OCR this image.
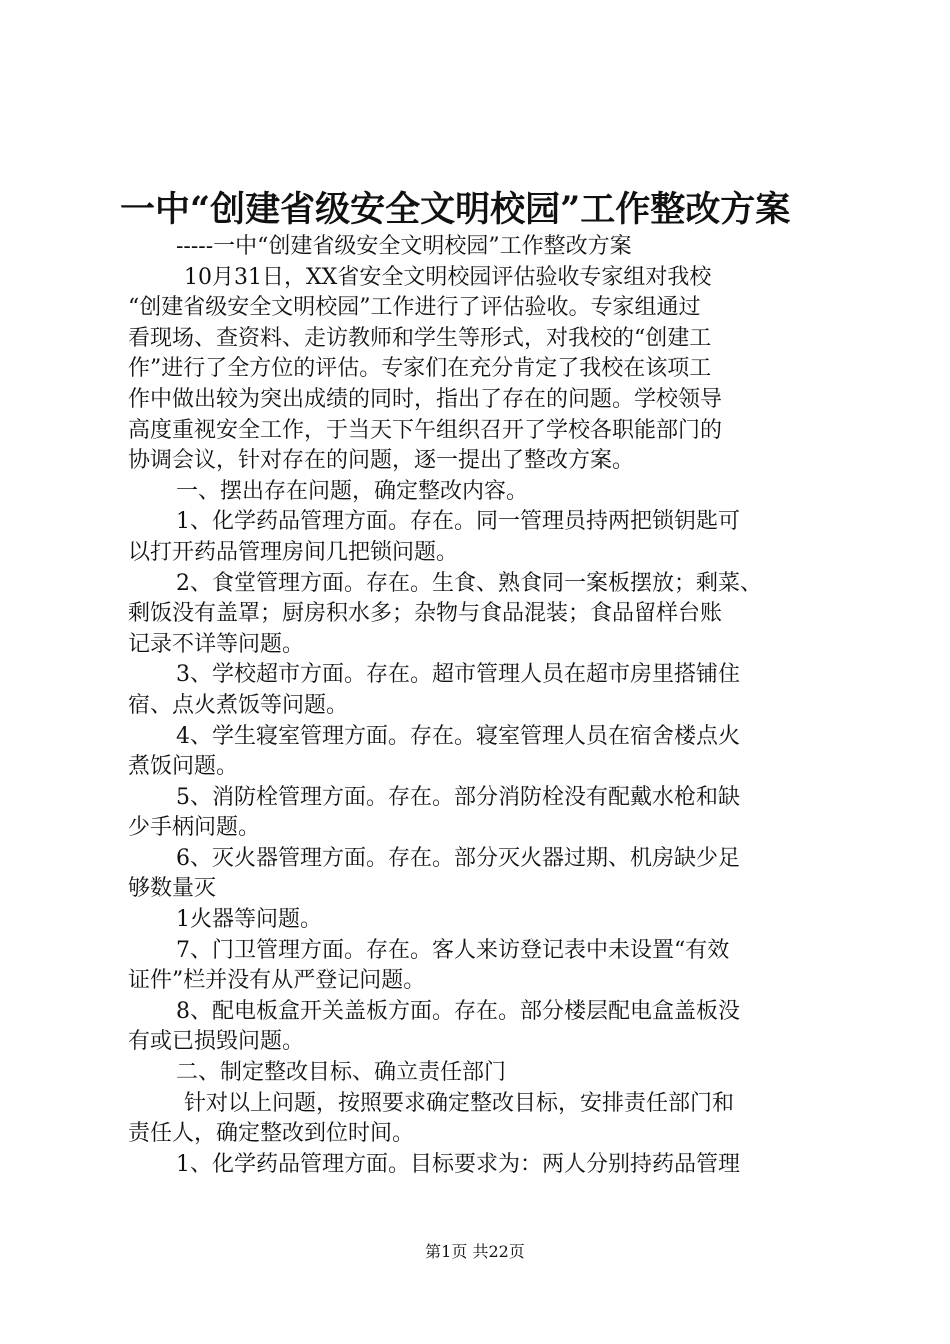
一中“创建省级安全文明校园”工作整改方案
-----一中“创建省级安全文明校园”工作整改方案
10月31日，XX省安全文明校园评估验收专家组对我校
“创建省级安全文明校园”工作进行了评估验收。专家组通过
看现场、查资料、走访教师和学生等形式，对我校的“创建工
作”进行了全方位的评估。专家们在充分肯定了我校在该项工
作中做出较为突出成绩的同时，指出了存在的问题。学校领导
高度重视安全工作，于当天下午组织召开了学校各职能部门的
协调会议，针对存在的问题，逐一提出了整改方案。
一、摆出存在问题，确定整改内容。
1、化学药品管理方面。存在。同一管理员持两把锁钥匙可
以打开药品管理房间几把锁问题。
2、食堂管理方面。存在。生食、熟食同一案板摆放；剩菜、
剩饭没有盖罩；厨房积水多；杂物与食品混装；食品留样台账
记录不详等问题。
3、学校超市方面。存在。超市管理人员在超市房里搭铺住
宿、点火煮饭等问题。
4、学生寝室管理方面。存在。寝室管理人员在宿舍楼点火
煮饭问题。
5、消防栓管理方面。存在。部分消防栓没有配戴水枪和缺
少手柄问题。
6、灭火器管理方面。存在。部分灭火器过期、机房缺少足
够数量灭
1火器等问题。
7、门卫管理方面。存在。客人来访登记表中未设置“有效
证件”栏并没有从严登记问题。
8、配电板盒开关盖板方面。存在。部分楼层配电盒盖板没
有或已损毁问题。
二、制定整改目标、确立责任部门
针对以上问题，按照要求确定整改目标，安排责任部门和
责任人，确定整改到位时间。
1、化学药品管理方面。目标要求为：两人分别持药品管理
第1页 共22页
